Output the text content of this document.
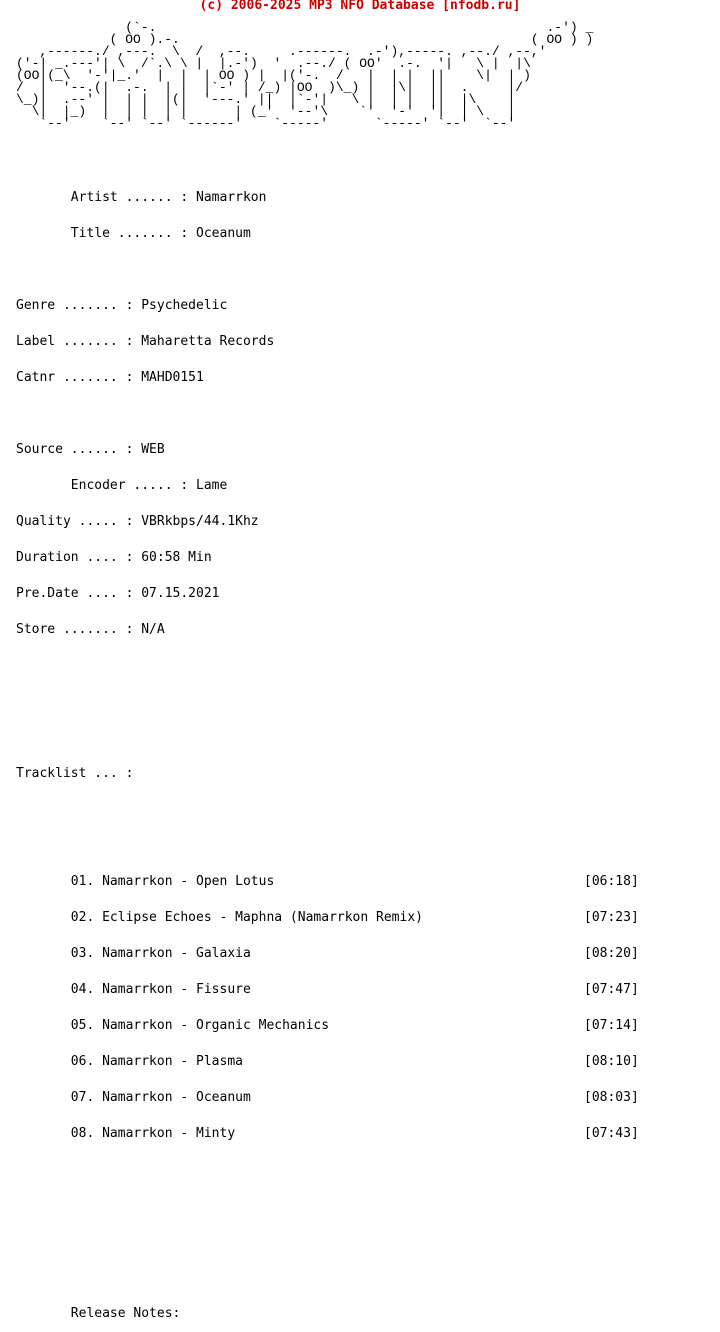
(c) 2006-2025 MP3 NFO Database [nfodb.ru]
(`-.                                                  .-') _
( OO ).-.                                             ( OO ) )
,------./ ,---.  \  /  ,--.     .------.  .-'),-----. ,--./ ,--,'
('-| _.---'| \  /`.\ \ |  |.-')  '  .--./ ( OO'  .-.  '|   \ |  |\
(OO|(_\  '-'|_.'  |  |  | OO ) |  |('-.  /   |  | |  ||    \|  | )
/  |  '--.(|  .-.  | |  |`-' | /_) |OO  )\_) |  |\|  ||  .     |/
\_)|  .--' |  | |  |(|  '---.' ||  |`-'|   \ |  | |  ||  |\    |
\|  |_)  |  | |  | |      | (_'  '--'\    `'  '-'  '|  | \   |
`--'    `--' `--' `------'    `-----'      `-----' `--'  `--'

Artist ...... : Namarrkon

Title ....... : Oceanum

Genre ....... : Psychedelic

Label ....... : Maharetta Records

Catnr ....... : MAHD0151

Source ...... : WEB

Encoder ..... : Lame

Quality ..... : VBRkbps/44.1Khz

Duration .... : 60:58 Min

Pre.Date .... : 07.15.2021

Store ....... : N/A

Tracklist ... :

01. Namarrkon - Open Lotus	[06:18]

02. Eclipse Echoes - Maphna (Namarrkon Remix)	[07:23]

03. Namarrkon - Galaxia	[08:20]

04. Namarrkon - Fissure	[07:47]

05. Namarrkon - Organic Mechanics	[07:14]

06. Namarrkon - Plasma	[08:10]

07. Namarrkon - Oceanum	[08:03]

08. Namarrkon - Minty	[07:43]

Release Notes:
